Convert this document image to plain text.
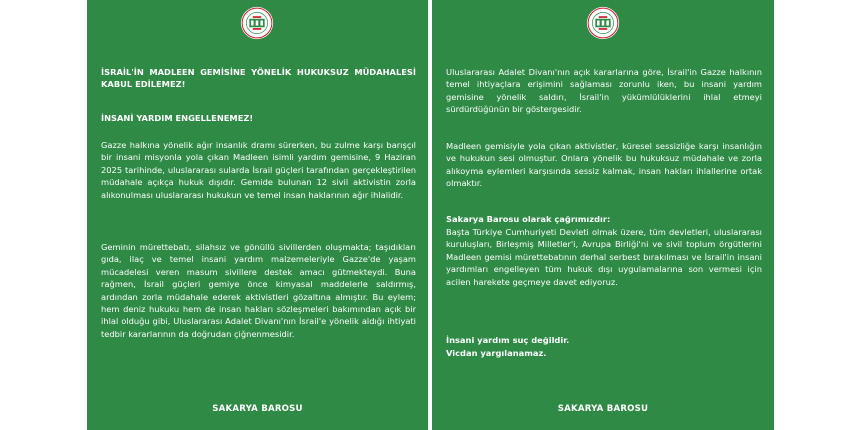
İSRAİL'İN MADLEEN GEMİSİNE YÖNELİK HUKUKSUZ MÜDAHALESİ KABUL EDİLEMEZ!
İNSANİ YARDIM ENGELLENEMEZ!
Gazze halkına yönelik ağır insanlık dramı sürerken, bu zulme karşı barışçıl bir insani misyonla yola çıkan Madleen isimli yardım gemisine, 9 Haziran 2025 tarihinde, uluslararası sularda İsrail güçleri tarafından gerçekleştirilen müdahale açıkça hukuk dışıdır. Gemide bulunan 12 sivil aktivistin zorla alıkonulması uluslararası hukukun ve temel insan haklarının ağır ihlalidir.
Geminin mürettebatı, silahsız ve gönüllü sivillerden oluşmakta; taşıdıkları gıda, ilaç ve temel insani yardım malzemeleriyle Gazze'de yaşam mücadelesi veren masum sivillere destek amacı gütmekteydi. Buna rağmen, İsrail güçleri gemiye önce kimyasal maddelerle saldırmış, ardından zorla müdahale ederek aktivistleri gözaltına almıştır. Bu eylem; hem deniz hukuku hem de insan hakları sözleşmeleri bakımından açık bir ihlal olduğu gibi, Uluslararası Adalet Divanı'nın İsrail'e yönelik aldığı ihtiyati tedbir kararlarının da doğrudan çiğnenmesidir.
SAKARYA BAROSU
Uluslararası Adalet Divanı'nın açık kararlarına göre, İsrail'in Gazze halkının temel ihtiyaçlara erişimini sağlaması zorunlu iken, bu insani yardım gemisine yönelik saldırı, İsrail'in yükümlülüklerini ihlal etmeyi sürdürdüğünün bir göstergesidir.
Madleen gemisiyle yola çıkan aktivistler, küresel sessizliğe karşı insanlığın ve hukukun sesi olmuştur. Onlara yönelik bu hukuksuz müdahale ve zorla alıkoyma eylemleri karşısında sessiz kalmak, insan hakları ihlallerine ortak olmaktır.
Sakarya Barosu olarak çağrımızdır:
Başta Türkiye Cumhuriyeti Devleti olmak üzere, tüm devletleri, uluslararası kuruluşları, Birleşmiş Milletler'i, Avrupa Birliği'ni ve sivil toplum örgütlerini Madleen gemisi mürettebatının derhal serbest bırakılması ve İsrail'in insani yardımları engelleyen tüm hukuk dışı uygulamalarına son vermesi için acilen harekete geçmeye davet ediyoruz.
İnsani yardım suç değildir.
Vicdan yargılanamaz.
SAKARYA BAROSU
